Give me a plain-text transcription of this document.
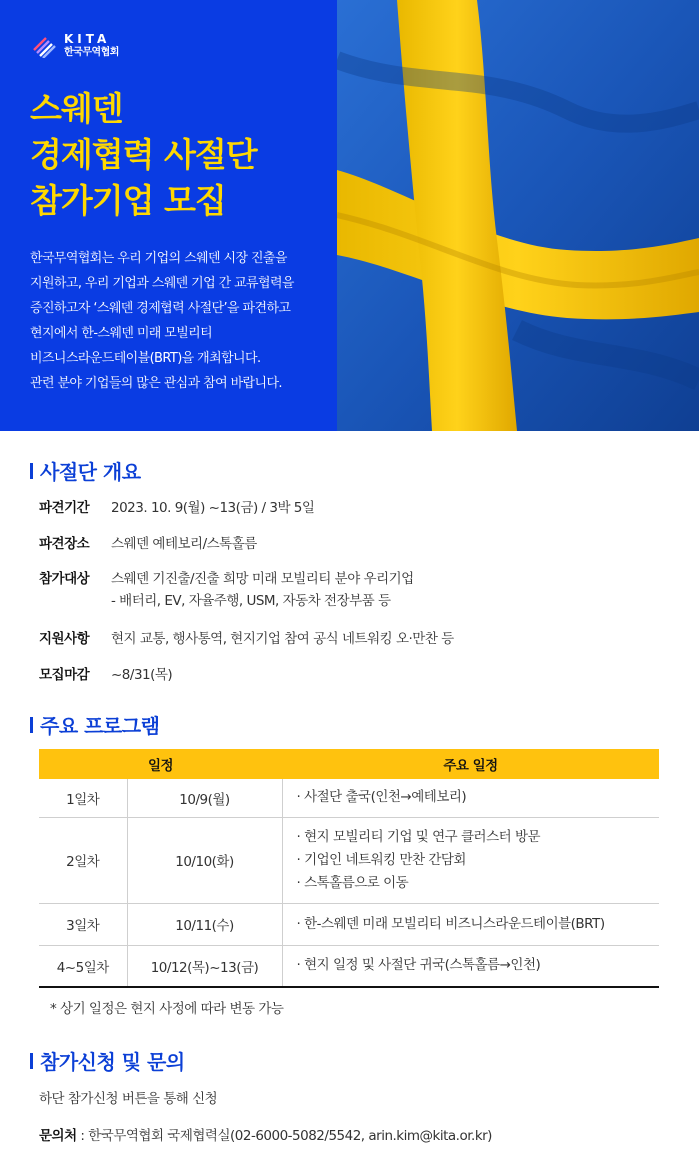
KITA
한국무역협회
스웨덴
경제협력 사절단
참가기업 모집
한국무역협회는 우리 기업의 스웨덴 시장 진출을
지원하고, 우리 기업과 스웨덴 기업 간 교류협력을
증진하고자 ‘스웨덴 경제협력 사절단’을 파견하고
현지에서 한-스웨덴 미래 모빌리티
비즈니스라운드테이블(BRT)을 개최합니다.
관련 분야 기업들의 많은 관심과 참여 바랍니다.
사절단 개요
파견기간 2023. 10. 9(월) ~13(금) / 3박 5일
파견장소 스웨덴 예테보리/스톡홀름
참가대상 스웨덴 기진출/진출 희망 미래 모빌리티 분야 우리기업
- 배터리, EV, 자율주행, USM, 자동차 전장부품 등
지원사항 현지 교통, 행사통역, 현지기업 참여 공식 네트워킹 오·만찬 등
모집마감 ~8/31(목)
주요 프로그램
일정		주요 일정
1일차	10/9(월)	· 사절단 출국(인천→예테보리)

2일차	10/10(화)	· 현지 모빌리티 기업 및 연구 클러스터 방문
· 기업인 네트워킹 만찬 간담회
· 스톡홀름으로 이동

3일차	10/11(수)	· 한-스웨덴 미래 모빌리티 비즈니스라운드테이블(BRT)

4~5일차	10/12(목)~13(금)	· 현지 일정 및 사절단 귀국(스톡홀름→인천)
* 상기 일정은 현지 사정에 따라 변동 가능
참가신청 및 문의
하단 참가신청 버튼을 통해 신청
문의처 : 한국무역협회 국제협력실(02-6000-5082/5542, arin.kim@kita.or.kr)
